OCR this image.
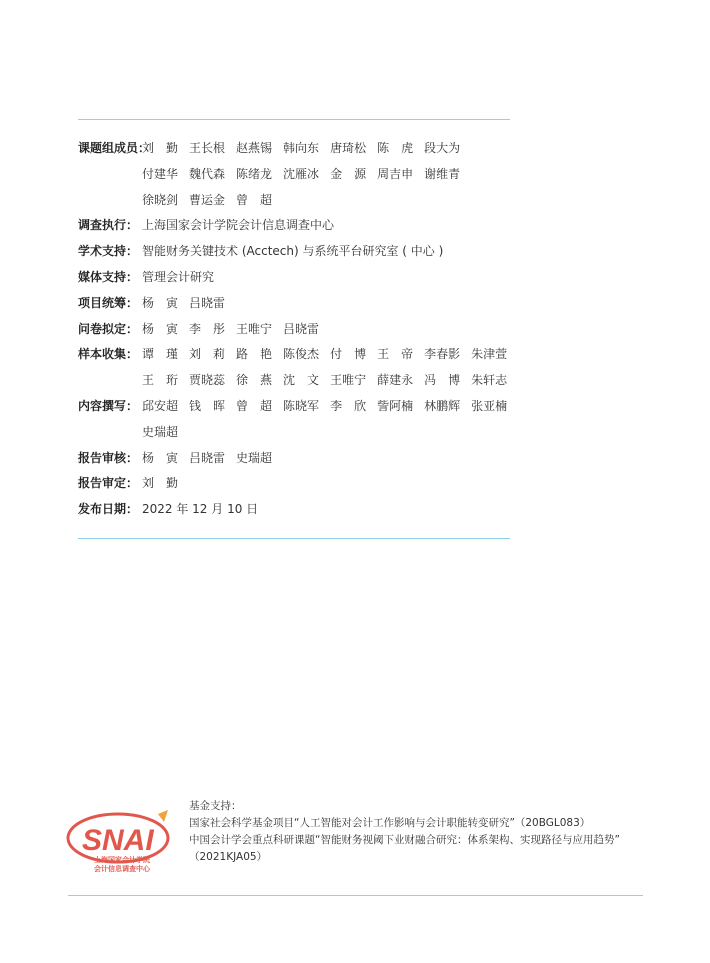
课题组成员：
刘　勤 王长根 赵燕锡 韩向东 唐琦松 陈　虎 段大为
付建华 魏代森 陈绪龙 沈雁冰 金　源 周吉申 谢维青
徐晓剑 曹运金 曾　超
调查执行： 上海国家会计学院会计信息调查中心
学术支持： 智能财务关键技术 (Acctech) 与系统平台研究室 ( 中心 )
媒体支持： 管理会计研究
项目统筹： 杨　寅 吕晓雷
问卷拟定： 杨　寅 李　彤 王唯宁 吕晓雷
样本收集： 谭　瑾 刘　莉 路　艳 陈俊杰 付　博 王　帝 李春影 朱津萱
王　珩 贾晓蕊 徐　燕 沈　文 王唯宁 薛建永 冯　博 朱轩志
内容撰写： 邱安超 钱　晖 曾　超 陈晓军 李　欣 訾阿楠 林鹏辉 张亚楠
史瑞超
报告审核： 杨　寅 吕晓雷 史瑞超
报告审定： 刘　勤
发布日期： 2022 年 12 月 10 日
SNAI
上海国家会计学院
会计信息调查中心
基金支持：
国家社会科学基金项目“人工智能对会计工作影响与会计职能转变研究”（20BGL083）
中国会计学会重点科研课题“智能财务视阈下业财融合研究：体系架构、实现路径与应用趋势”
（2021KJA05）
